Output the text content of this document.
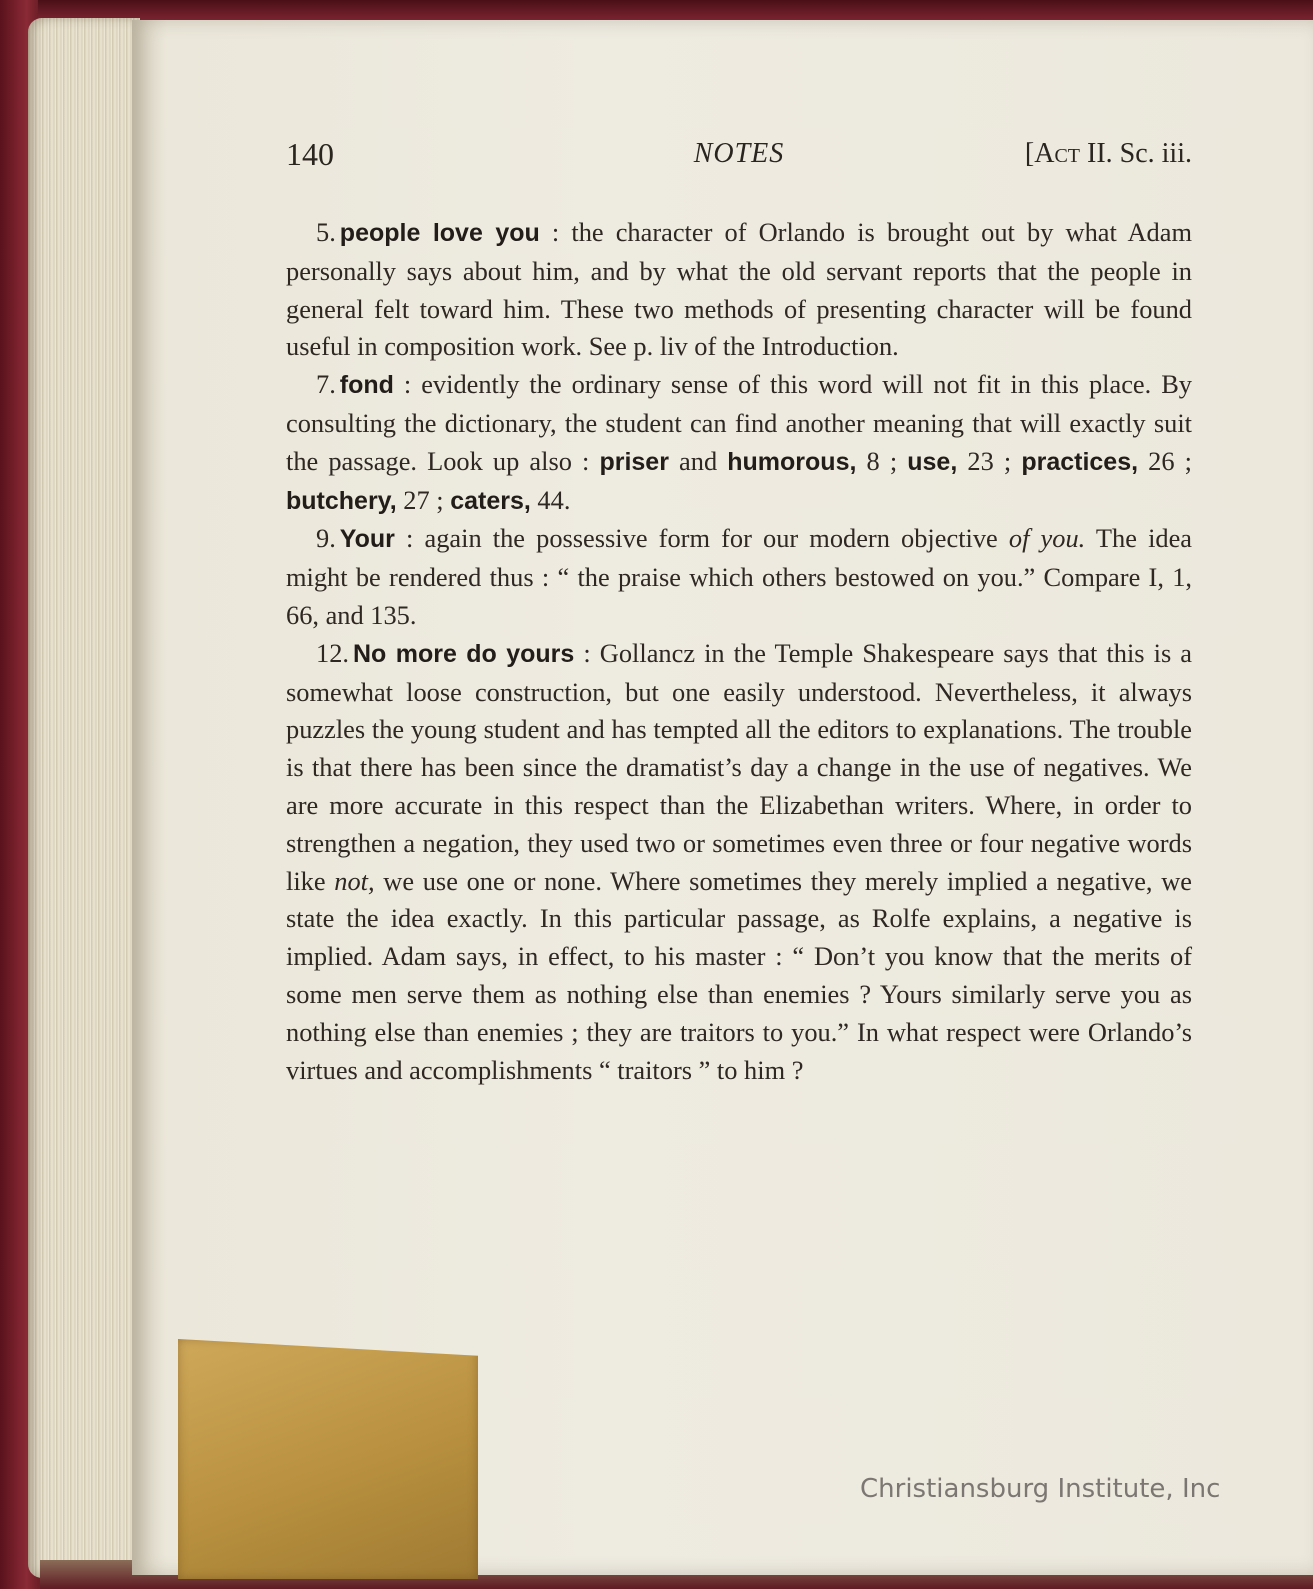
140	NOTES	[Act II. Sc. iii.

5. people love you : the character of Orlando is brought out by what Adam personally says about him, and by what the old servant reports that the people in general felt toward him. These two methods of presenting character will be found useful in composition work. See p. liv of the Introduction.

7. fond : evidently the ordinary sense of this word will not fit in this place. By consulting the dictionary, the student can find another meaning that will exactly suit the passage. Look up also : priser and humorous, 8 ; use, 23 ; practices, 26 ; butchery, 27 ; caters, 44.

9. Your : again the possessive form for our modern objective of you. The idea might be rendered thus : “ the praise which others bestowed on you.” Compare I, 1, 66, and 135.

12. No more do yours : Gollancz in the Temple Shakespeare says that this is a somewhat loose construction, but one easily understood. Nevertheless, it always puzzles the young student and has tempted all the editors to explanations. The trouble is that there has been since the dramatist’s day a change in the use of negatives. We are more accurate in this respect than the Elizabethan writers. Where, in order to strengthen a negation, they used two or sometimes even three or four negative words like not, we use one or none. Where sometimes they merely implied a negative, we state the idea exactly. In this particular passage, as Rolfe explains, a negative is implied. Adam says, in effect, to his master : “ Don’t you know that the merits of some men serve them as nothing else than enemies ? Yours similarly serve you as nothing else than enemies ; they are traitors to you.” In what respect were Orlando’s virtues and accomplishments “ traitors ” to him ?

Christiansburg Institute, Inc
